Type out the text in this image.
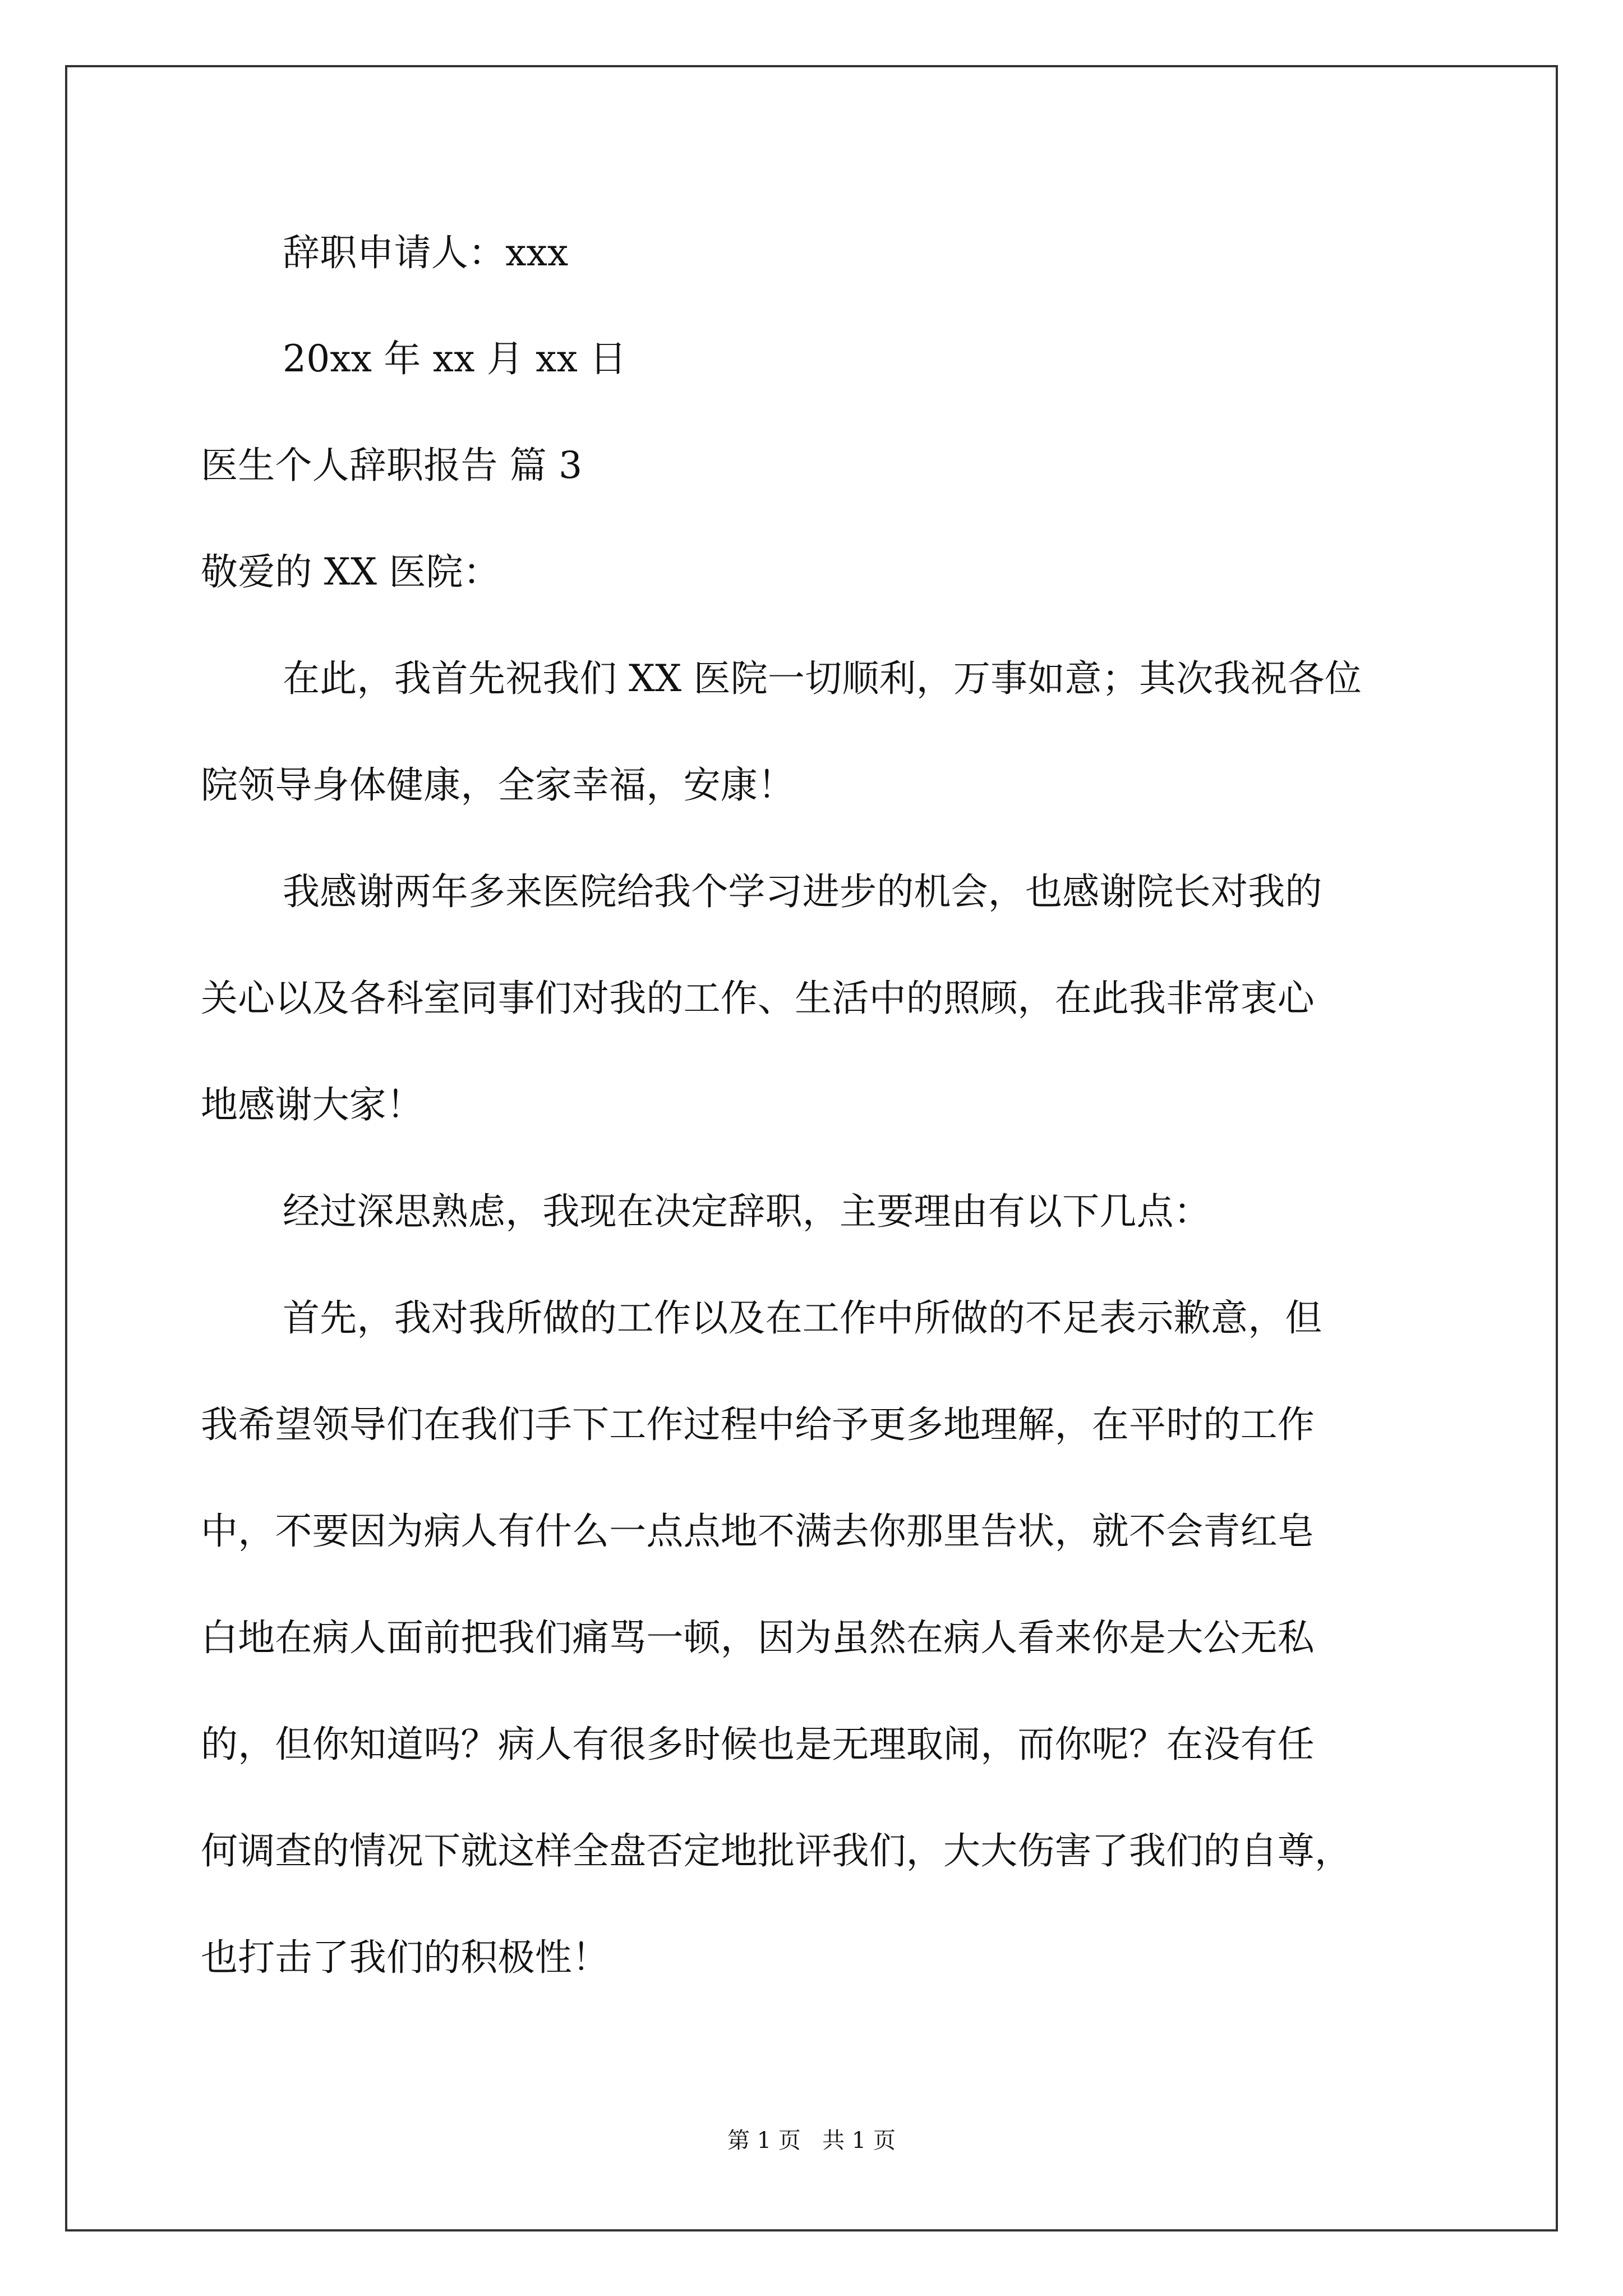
辞职申请人：xxx
20xx 年 xx 月 xx 日
医生个人辞职报告 篇 3
敬爱的 XX 医院：
在此，我首先祝我们 XX 医院一切顺利，万事如意；其次我祝各位
院领导身体健康，全家幸福，安康！
我感谢两年多来医院给我个学习进步的机会，也感谢院长对我的
关心以及各科室同事们对我的工作、生活中的照顾，在此我非常衷心
地感谢大家！
经过深思熟虑，我现在决定辞职，主要理由有以下几点：
首先，我对我所做的工作以及在工作中所做的不足表示歉意，但
我希望领导们在我们手下工作过程中给予更多地理解，在平时的工作
中，不要因为病人有什么一点点地不满去你那里告状，就不会青红皂
白地在病人面前把我们痛骂一顿，因为虽然在病人看来你是大公无私
的，但你知道吗？病人有很多时候也是无理取闹，而你呢？在没有任
何调查的情况下就这样全盘否定地批评我们，大大伤害了我们的自尊，
也打击了我们的积极性！
第 1 页   共 1 页
